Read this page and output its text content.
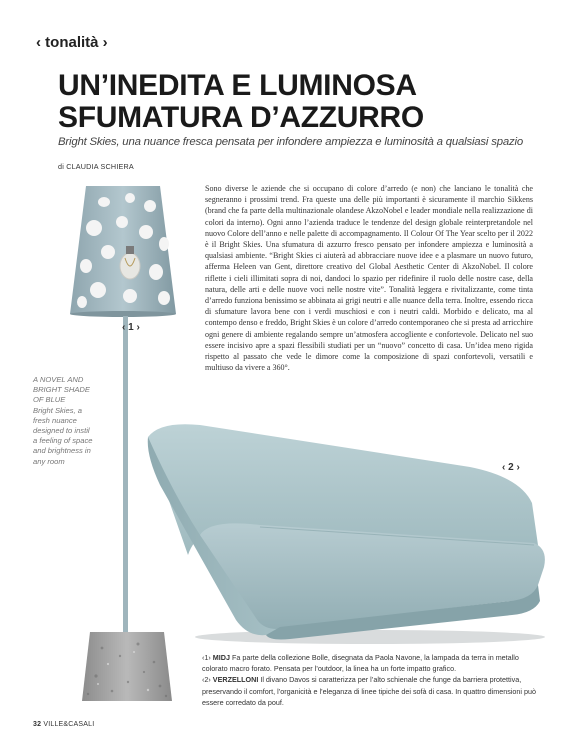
‹ tonalità ›
UN’INEDITA E LUMINOSA
SFUMATURA D’AZZURRO
Bright Skies, una nuance fresca pensata per infondere ampiezza e luminosità a qualsiasi spazio
di CLAUDIA SCHIERA

Sono diverse le aziende che si occupano di colore d’arredo (e non) che lanciano le tonalità che segneranno i prossimi trend. Fra queste una delle più importanti è sicuramente il marchio Sikkens (brand che fa parte della multinazionale olandese AkzoNobel e leader mondiale nella realizzazione di colori da interno). Ogni anno l’azienda traduce le tendenze del design globale reinterpretandole nel nuovo Colore dell’anno e nelle palette di accompagnamento. Il Colour Of The Year scelto per il 2022 è il Bright Skies. Una sfumatura di azzurro fresco pensato per infondere ampiezza e luminosità a qualsiasi ambiente. “Bright Skies ci aiuterà ad abbracciare nuove idee e a plasmare un nuovo futuro, afferma Heleen van Gent, direttore creativo del Global Aesthetic Center di AkzoNobel. Il colore riflette i cieli illimitati sopra di noi, dandoci lo spazio per ridefinire il ruolo delle nostre case, della natura, delle arti e delle nuove voci nelle nostre vite”. Tonalità leggera e rivitalizzante, come tinta d’arredo funziona benissimo se abbinata ai grigi neutri e alle nuance della terra. Inoltre, essendo ricca di sfumature lavora bene con i verdi muschiosi e con i neutri caldi. Morbido e delicato, ma al contempo denso e freddo, Bright Skies è un colore d’arredo contemporaneo che si presta ad arricchire ogni genere di ambiente regalando sempre un’atmosfera accogliente e confortevole. Delicato nel suo essere incisivo apre a spazi flessibili studiati per un “nuovo” concetto di casa. Un’idea meno rigida rispetto al passato che vede le dimore come la composizione di spazi confortevoli, versatili e multiuso da vivere a 360°.

‹ 1 ›
A NOVEL AND BRIGHT SHADE OF BLUE
Bright Skies, a fresh nuance designed to instil a feeling of space and brightness in any room
‹ 2 ›
‹1› MIDJ Fa parte della collezione Bolle, disegnata da Paola Navone, la lampada da terra in metallo colorato macro forato. Pensata per l’outdoor, la linea ha un forte impatto grafico.
‹2› VERZELLONI Il divano Davos si caratterizza per l’alto schienale che funge da barriera protettiva, preservando il comfort, l’organicità e l’eleganza di linee tipiche dei sofà di casa. In quattro dimensioni può essere corredato da pouf.
32 VILLE&CASALI
